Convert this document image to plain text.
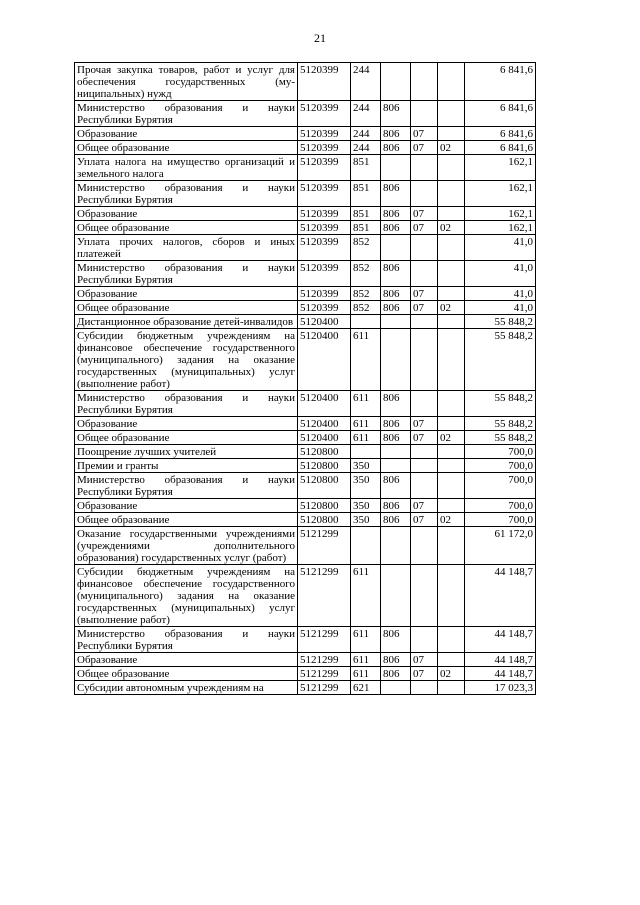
21
Прочая закупка товаров, работ и услуг для обеспечения государственных (муниципальных) нужд	5120399	244				6 841,6
Министерство образования и науки Республики Бурятия	5120399	244	806			6 841,6
Образование	5120399	244	806	07		6 841,6
Общее образование	5120399	244	806	07	02	6 841,6
Уплата налога на имущество организаций и земельного налога	5120399	851				162,1
Министерство образования и науки Республики Бурятия	5120399	851	806			162,1
Образование	5120399	851	806	07		162,1
Общее образование	5120399	851	806	07	02	162,1
Уплата прочих налогов, сборов и иных платежей	5120399	852				41,0
Министерство образования и науки Республики Бурятия	5120399	852	806			41,0
Образование	5120399	852	806	07		41,0
Общее образование	5120399	852	806	07	02	41,0
Дистанционное образование детей-инвалидов	5120400					55 848,2
Субсидии бюджетным учреждениям на финансовое обеспечение государственного (муниципального) задания на оказание государственных (муниципальных) услуг (выполнение работ)	5120400	611				55 848,2
Министерство образования и науки Республики Бурятия	5120400	611	806			55 848,2
Образование	5120400	611	806	07		55 848,2
Общее образование	5120400	611	806	07	02	55 848,2
Поощрение лучших учителей	5120800					700,0
Премии и гранты	5120800	350				700,0
Министерство образования и науки Республики Бурятия	5120800	350	806			700,0
Образование	5120800	350	806	07		700,0
Общее образование	5120800	350	806	07	02	700,0
Оказание государственными учреждениями (учреждениями дополнительного образования) государственных услуг (работ)	5121299					61 172,0
Субсидии бюджетным учреждениям на финансовое обеспечение государственного (муниципального) задания на оказание государственных (муниципальных) услуг (выполнение работ)	5121299	611				44 148,7
Министерство образования и науки Республики Бурятия	5121299	611	806			44 148,7
Образование	5121299	611	806	07		44 148,7
Общее образование	5121299	611	806	07	02	44 148,7
Субсидии автономным учреждениям на	5121299	621				17 023,3
